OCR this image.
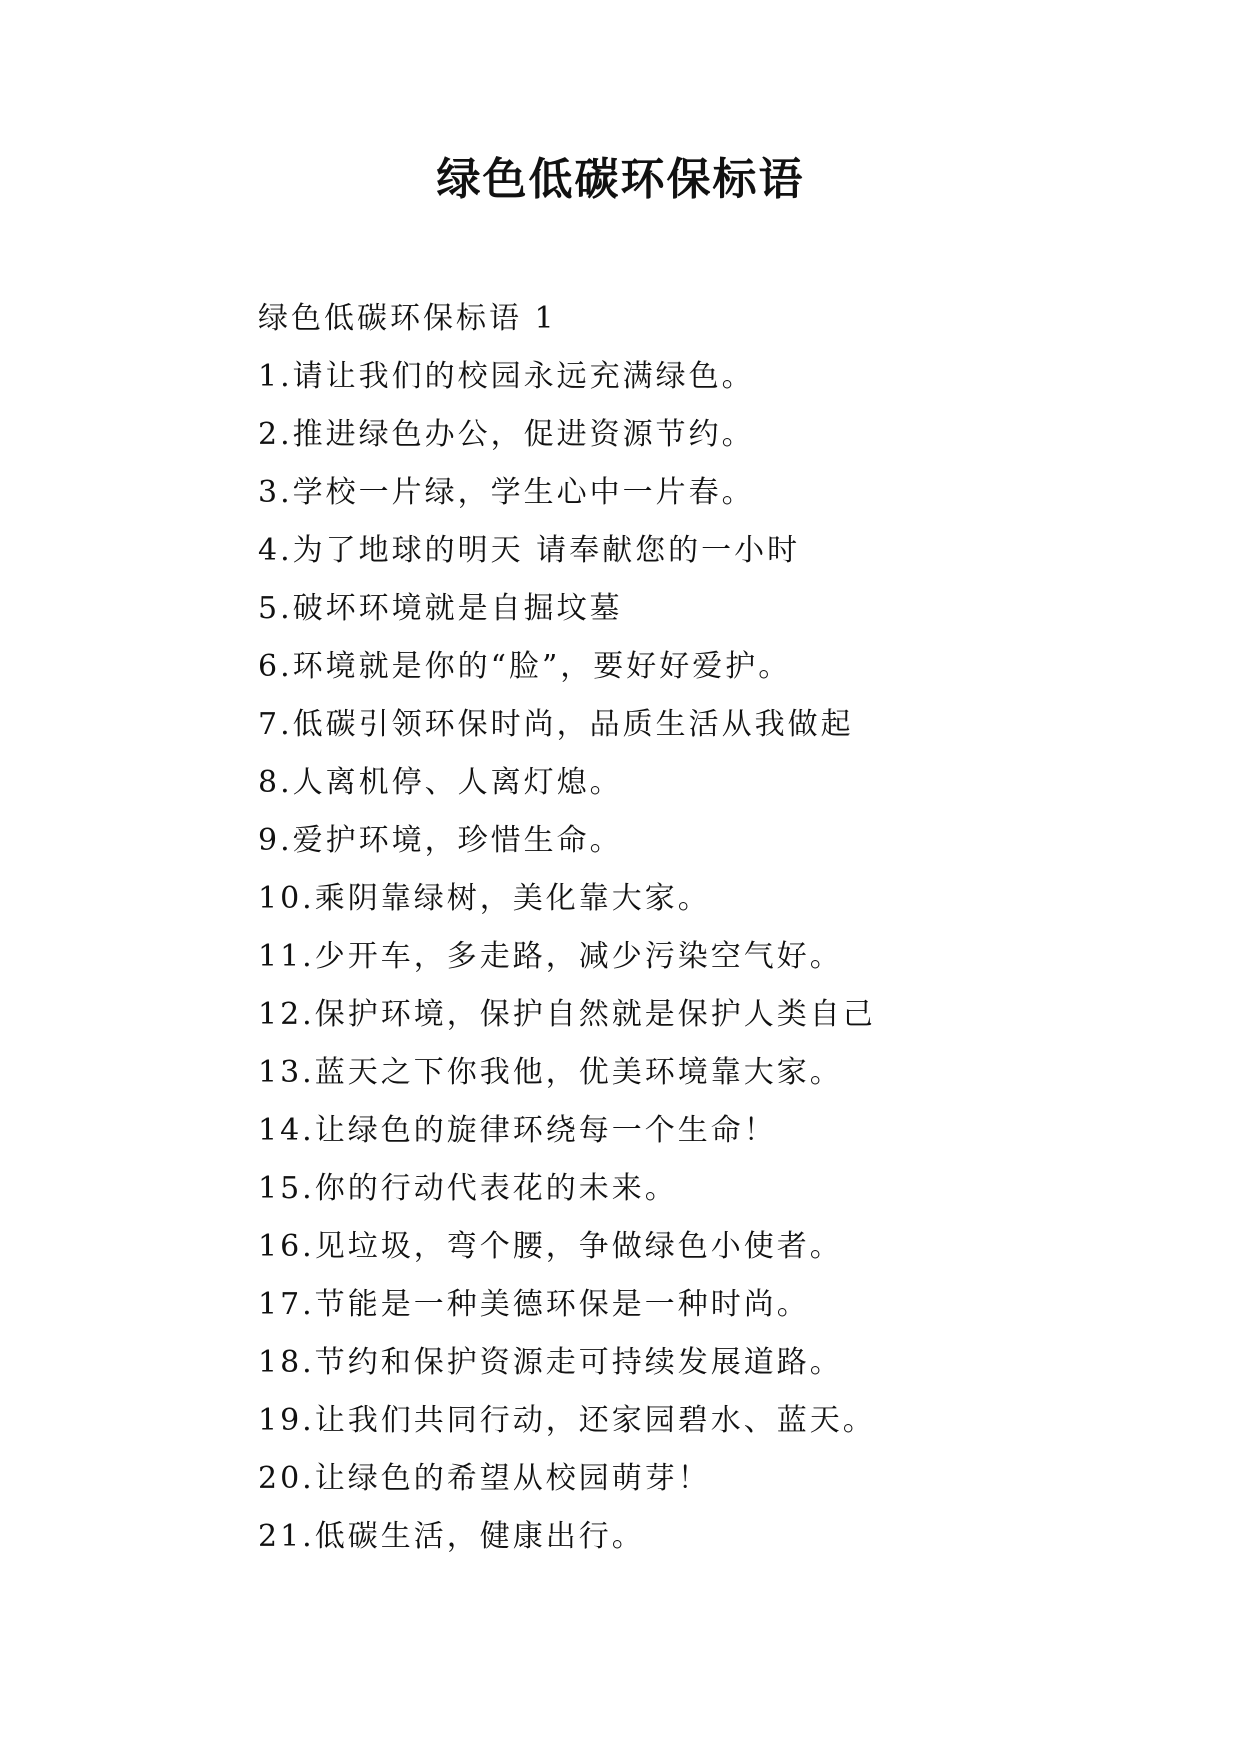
绿色低碳环保标语
绿色低碳环保标语 1
1.请让我们的校园永远充满绿色。
2.推进绿色办公，促进资源节约。
3.学校一片绿，学生心中一片春。
4.为了地球的明天 请奉献您的一小时
5.破坏环境就是自掘坟墓
6.环境就是你的“脸”，要好好爱护。
7.低碳引领环保时尚，品质生活从我做起
8.人离机停、人离灯熄。
9.爱护环境，珍惜生命。
10.乘阴靠绿树，美化靠大家。
11.少开车，多走路，减少污染空气好。
12.保护环境，保护自然就是保护人类自己
13.蓝天之下你我他，优美环境靠大家。
14.让绿色的旋律环绕每一个生命！
15.你的行动代表花的未来。
16.见垃圾，弯个腰，争做绿色小使者。
17.节能是一种美德环保是一种时尚。
18.节约和保护资源走可持续发展道路。
19.让我们共同行动，还家园碧水、蓝天。
20.让绿色的希望从校园萌芽！
21.低碳生活，健康出行。
